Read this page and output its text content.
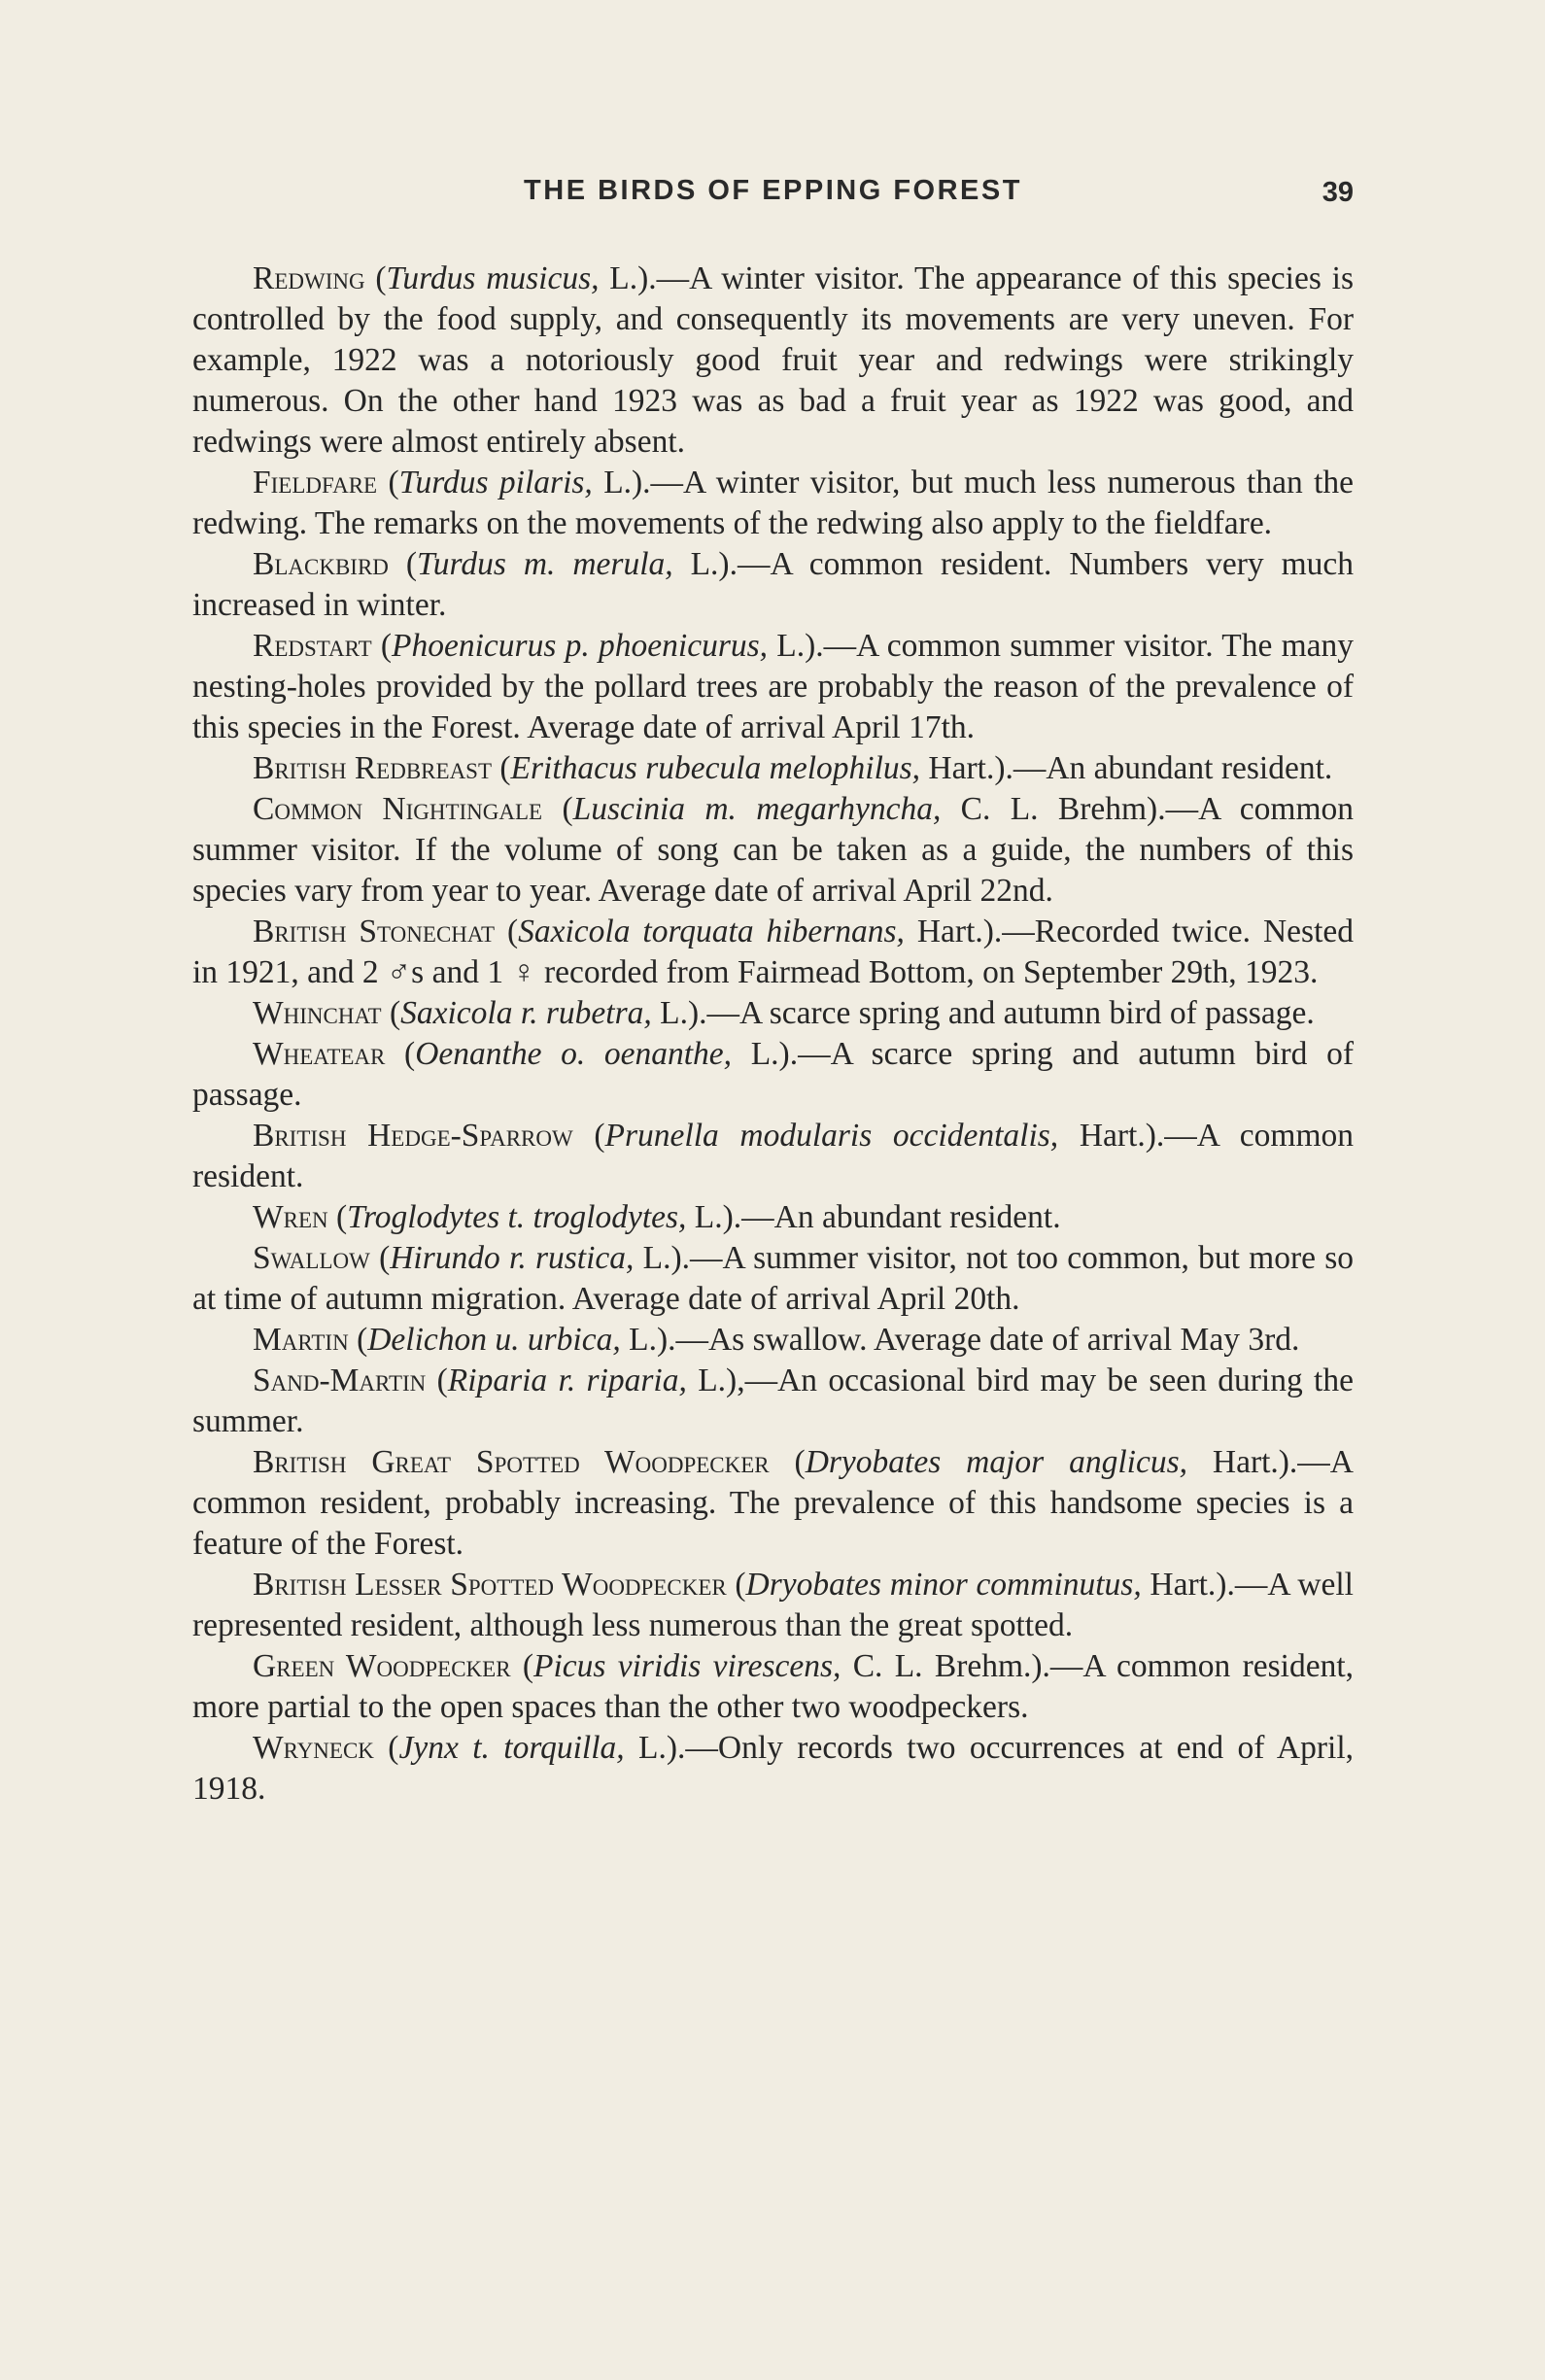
THE BIRDS OF EPPING FOREST	39

Redwing (Turdus musicus, L.).—A winter visitor. The appearance of this species is controlled by the food supply, and consequently its movements are very uneven. For example, 1922 was a notoriously good fruit year and redwings were strikingly numerous. On the other hand 1923 was as bad a fruit year as 1922 was good, and redwings were almost entirely absent.

Fieldfare (Turdus pilaris, L.).—A winter visitor, but much less numerous than the redwing. The remarks on the movements of the redwing also apply to the fieldfare.

Blackbird (Turdus m. merula, L.).—A common resident. Numbers very much increased in winter.

Redstart (Phoenicurus p. phoenicurus, L.).—A common summer visitor. The many nesting-holes provided by the pollard trees are probably the reason of the prevalence of this species in the Forest. Average date of arrival April 17th.

British Redbreast (Erithacus rubecula melophilus, Hart.).—An abundant resident.

Common Nightingale (Luscinia m. megarhyncha, C. L. Brehm).—A common summer visitor. If the volume of song can be taken as a guide, the numbers of this species vary from year to year. Average date of arrival April 22nd.

British Stonechat (Saxicola torquata hibernans, Hart.).—Recorded twice. Nested in 1921, and 2 ♂s and 1 ♀ recorded from Fairmead Bottom, on September 29th, 1923.

Whinchat (Saxicola r. rubetra, L.).—A scarce spring and autumn bird of passage.

Wheatear (Oenanthe o. oenanthe, L.).—A scarce spring and autumn bird of passage.

British Hedge-Sparrow (Prunella modularis occidentalis, Hart.).—A common resident.

Wren (Troglodytes t. troglodytes, L.).—An abundant resident.

Swallow (Hirundo r. rustica, L.).—A summer visitor, not too common, but more so at time of autumn migration. Average date of arrival April 20th.

Martin (Delichon u. urbica, L.).—As swallow. Average date of arrival May 3rd.

Sand-Martin (Riparia r. riparia, L.),—An occasional bird may be seen during the summer.

British Great Spotted Woodpecker (Dryobates major anglicus, Hart.).—A common resident, probably increasing. The prevalence of this handsome species is a feature of the Forest.

British Lesser Spotted Woodpecker (Dryobates minor comminutus, Hart.).—A well represented resident, although less numerous than the great spotted.

Green Woodpecker (Picus viridis virescens, C. L. Brehm.).—A common resident, more partial to the open spaces than the other two woodpeckers.

Wryneck (Jynx t. torquilla, L.).—Only records two occurrences at end of April, 1918.
